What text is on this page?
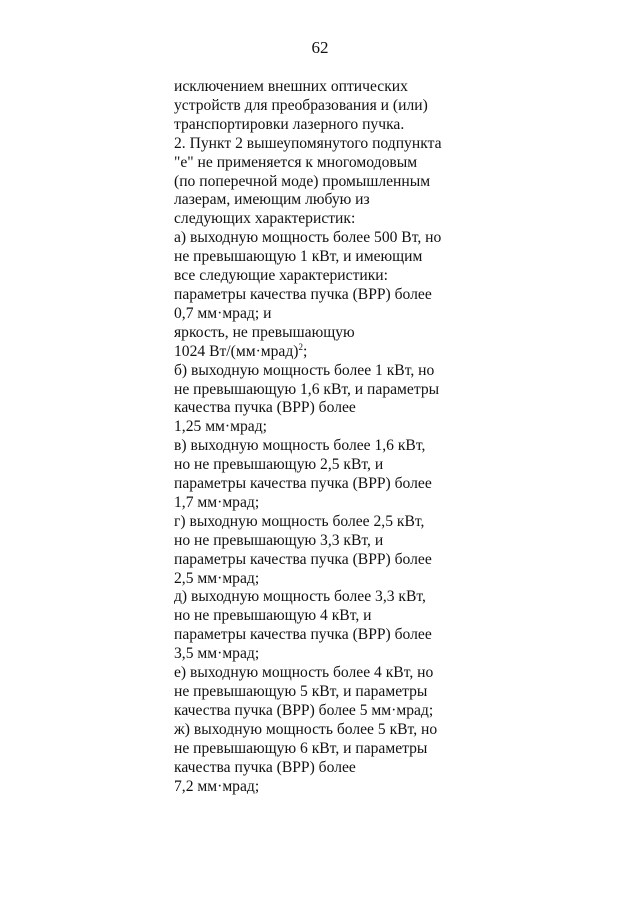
62
исключением внешних оптических
устройств для преобразования и (или)
транспортировки лазерного пучка.
2. Пункт 2 вышеупомянутого подпункта
"е" не применяется к многомодовым
(по поперечной моде) промышленным
лазерам, имеющим любую из
следующих характеристик:
а) выходную мощность более 500 Вт, но
не превышающую 1 кВт, и имеющим
все следующие характеристики:
параметры качества пучка (ВРР) более
0,7 мм·мрад; и
яркость, не превышающую
1024 Вт/(мм·мрад)$^2$;
б) выходную мощность более 1 кВт, но
не превышающую 1,6 кВт, и параметры
качества пучка (ВРР) более
1,25 мм·мрад;
в) выходную мощность более 1,6 кВт,
но не превышающую 2,5 кВт, и
параметры качества пучка (ВРР) более
1,7 мм·мрад;
г) выходную мощность более 2,5 кВт,
но не превышающую 3,3 кВт, и
параметры качества пучка (ВРР) более
2,5 мм·мрад;
д) выходную мощность более 3,3 кВт,
но не превышающую 4 кВт, и
параметры качества пучка (ВРР) более
3,5 мм·мрад;
е) выходную мощность более 4 кВт, но
не превышающую 5 кВт, и параметры
качества пучка (ВРР) более 5 мм·мрад;
ж) выходную мощность более 5 кВт, но
не превышающую 6 кВт, и параметры
качества пучка (ВРР) более
7,2 мм·мрад;
